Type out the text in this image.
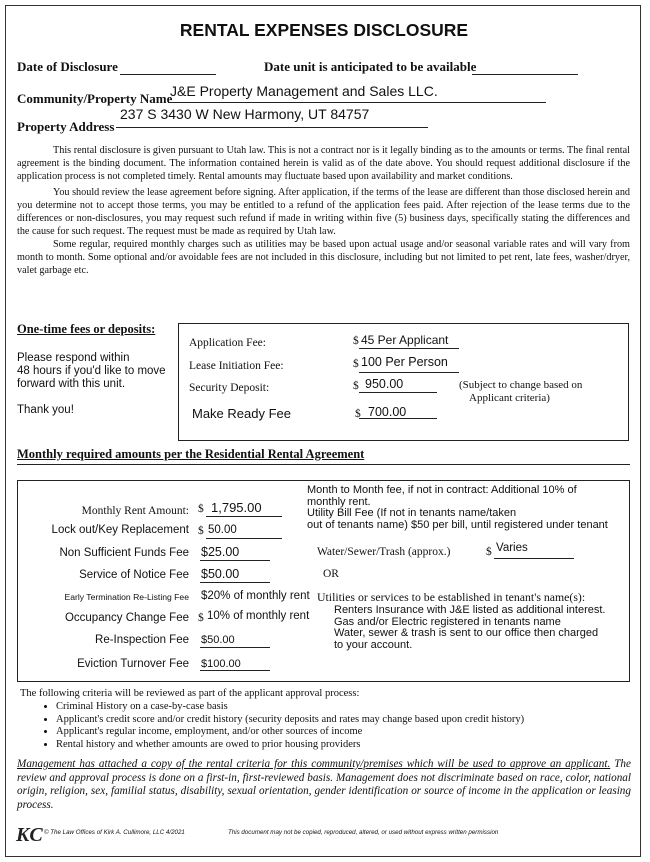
RENTAL EXPENSES DISCLOSURE
Date of Disclosure	Date unit is anticipated to be available
Community/Property Name
J&E Property Management and Sales LLC.
Property Address
237 S 3430 W New Harmony, UT 84757

This rental disclosure is given pursuant to Utah law. This is not a contract nor is it legally binding as to the amounts or terms. The final rental agreement is the binding document. The information contained herein is valid as of the date above. You should request additional disclosure if the application process is not completed timely. Rental amounts may fluctuate based upon availability and market conditions.

You should review the lease agreement before signing. After application, if the terms of the lease are different than those disclosed herein and you determine not to accept those terms, you may be entitled to a refund of the application fees paid. After rejection of the lease terms due to the differences or non-disclosures, you may request such refund if made in writing within five (5) business days, specifically stating the differences and the cause for such request. The request must be made as required by Utah law.

Some regular, required monthly charges such as utilities may be based upon actual usage and/or seasonal variable rates and will vary from month to month. Some optional and/or avoidable fees are not included in this disclosure, including but not limited to pet rent, late fees, washer/dryer, valet garbage etc.

One-time fees or deposits:
Please respond within
48 hours if you'd like to move
forward with this unit.
Thank you!
Application Fee:	$ 45 Per Applicant
Lease Initiation Fee:	$ 100 Per Person
Security Deposit:	$ 950.00	(Subject to change based on
Applicant criteria)
Make Ready Fee	$ 700.00
Monthly required amounts per the Residential Rental Agreement
Monthly Rent Amount: $ 1,795.00
Lock out/Key Replacement $ 50.00
Non Sufficient Funds Fee $25.00
Service of Notice Fee $50.00
Early Termination Re-Listing Fee $20% of monthly rent
Occupancy Change Fee $ 10% of monthly rent
Re-Inspection Fee $50.00
Eviction Turnover Fee $100.00
Month to Month fee, if not in contract: Additional 10% of
monthly rent.
Utility Bill Fee (If not in tenants name/taken
out of tenants name) $50 per bill, until registered under tenant
Water/Sewer/Trash (approx.)	$ Varies
OR
Utilities or services to be established in tenant's name(s):
Renters Insurance with J&E listed as additional interest.
Gas and/or Electric registered in tenants name
Water, sewer & trash is sent to our office then charged
to your account.
The following criteria will be reviewed as part of the applicant approval process:
• Criminal History on a case-by-case basis
• Applicant's credit score and/or credit history (security deposits and rates may change based upon credit history)
• Applicant's regular income, employment, and/or other sources of income
• Rental history and whether amounts are owed to prior housing providers
Management has attached a copy of the rental criteria for this community/premises which will be used to approve an applicant. The review and approval process is done on a first-in, first-reviewed basis. Management does not discriminate based on race, color, national origin, religion, sex, familial status, disability, sexual orientation, gender identification or source of income in the application or leasing process.
KC © The Law Offices of Kirk A. Cullimore, LLC 4/2021	This document may not be copied, reproduced, altered, or used without express written permission
